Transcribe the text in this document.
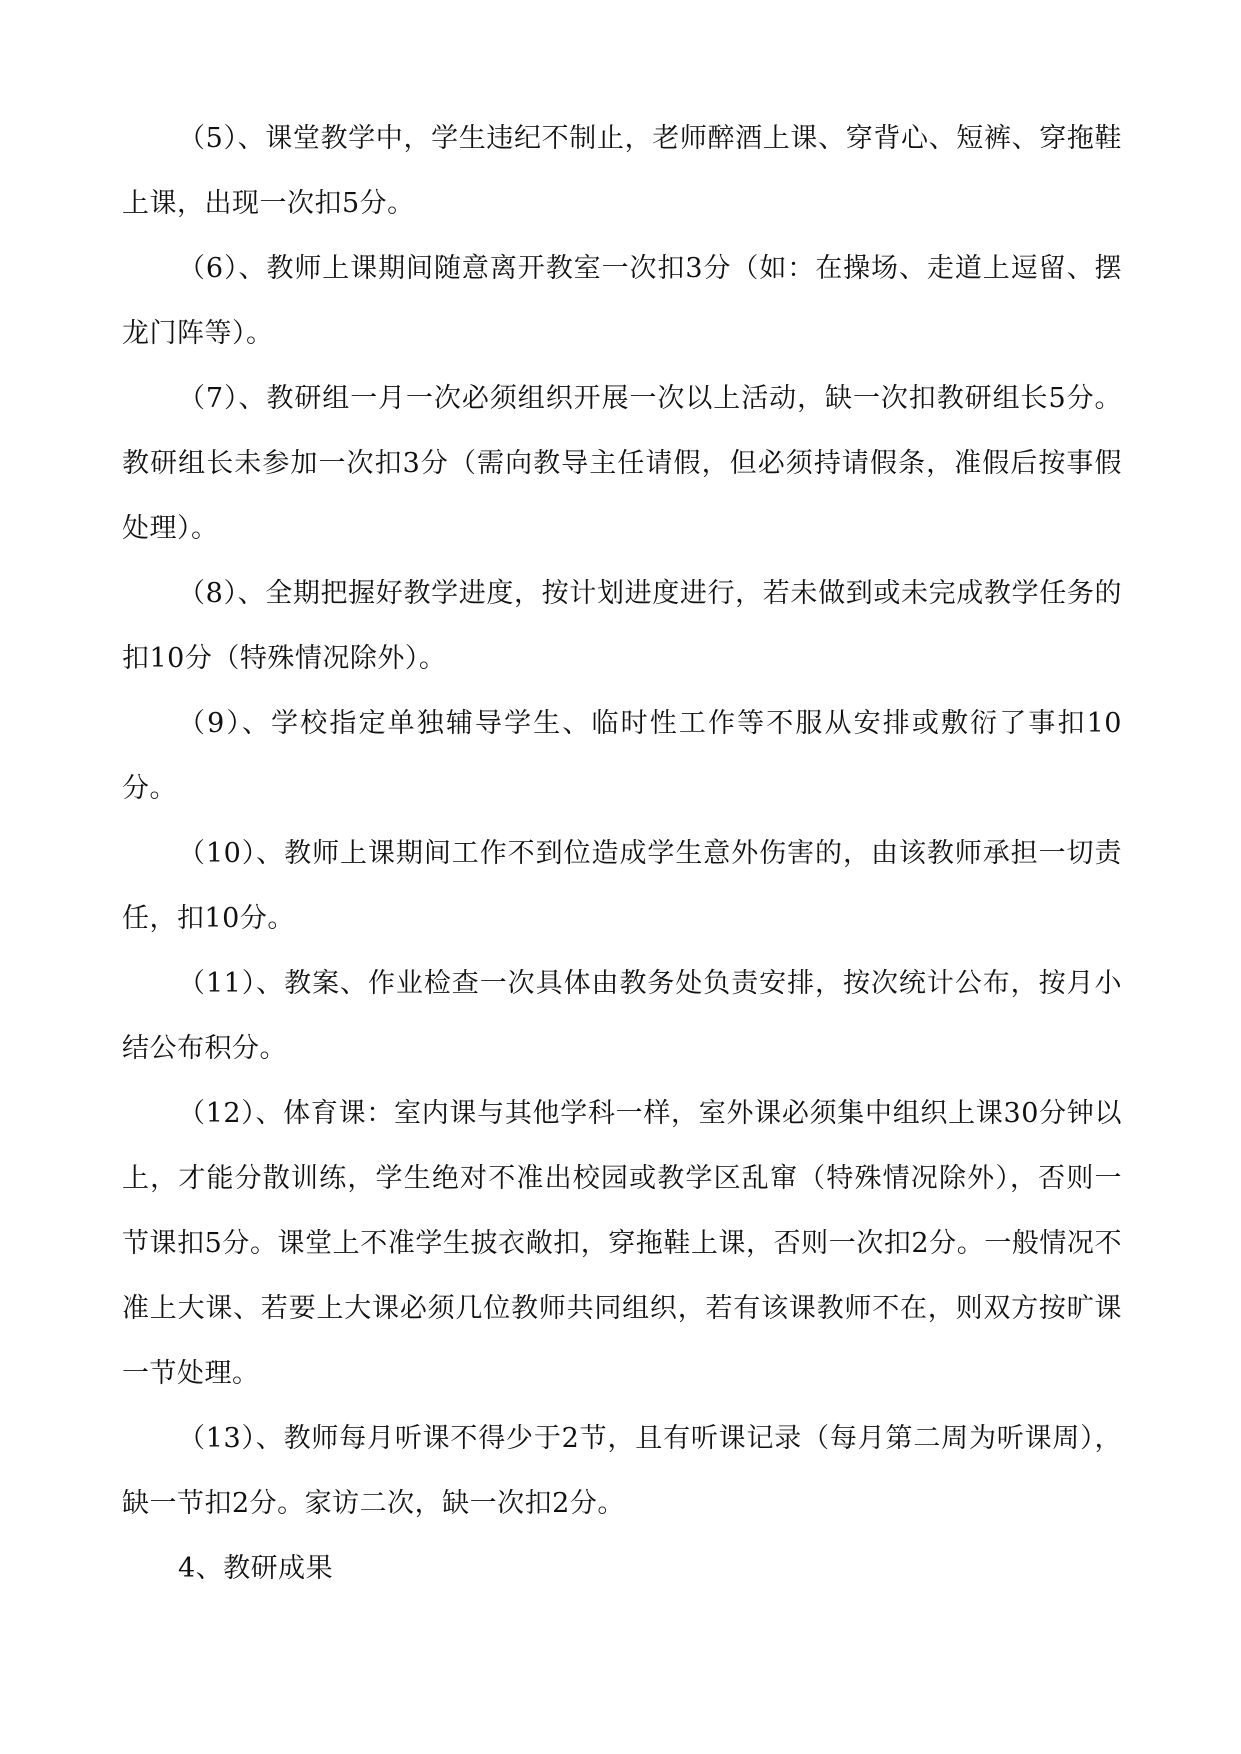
（5）、课堂教学中，学生违纪不制止，老师醉酒上课、穿背心、短裤、穿拖鞋上课，出现一次扣5分。

（6）、教师上课期间随意离开教室一次扣3分（如：在操场、走道上逗留、摆龙门阵等）。

（7）、教研组一月一次必须组织开展一次以上活动，缺一次扣教研组长5分。教研组长未参加一次扣3分（需向教导主任请假，但必须持请假条，准假后按事假处理）。

（8）、全期把握好教学进度，按计划进度进行，若未做到或未完成教学任务的扣10分（特殊情况除外）。

（9）、学校指定单独辅导学生、临时性工作等不服从安排或敷衍了事扣10分。

（10）、教师上课期间工作不到位造成学生意外伤害的，由该教师承担一切责任，扣10分。

（11）、教案、作业检查一次具体由教务处负责安排，按次统计公布，按月小结公布积分。

（12）、体育课：室内课与其他学科一样，室外课必须集中组织上课30分钟以上，才能分散训练，学生绝对不准出校园或教学区乱窜（特殊情况除外），否则一节课扣5分。课堂上不准学生披衣敞扣，穿拖鞋上课，否则一次扣2分。一般情况不准上大课、若要上大课必须几位教师共同组织，若有该课教师不在，则双方按旷课一节处理。

（13）、教师每月听课不得少于2节，且有听课记录（每月第二周为听课周），缺一节扣2分。家访二次，缺一次扣2分。

4、教研成果
